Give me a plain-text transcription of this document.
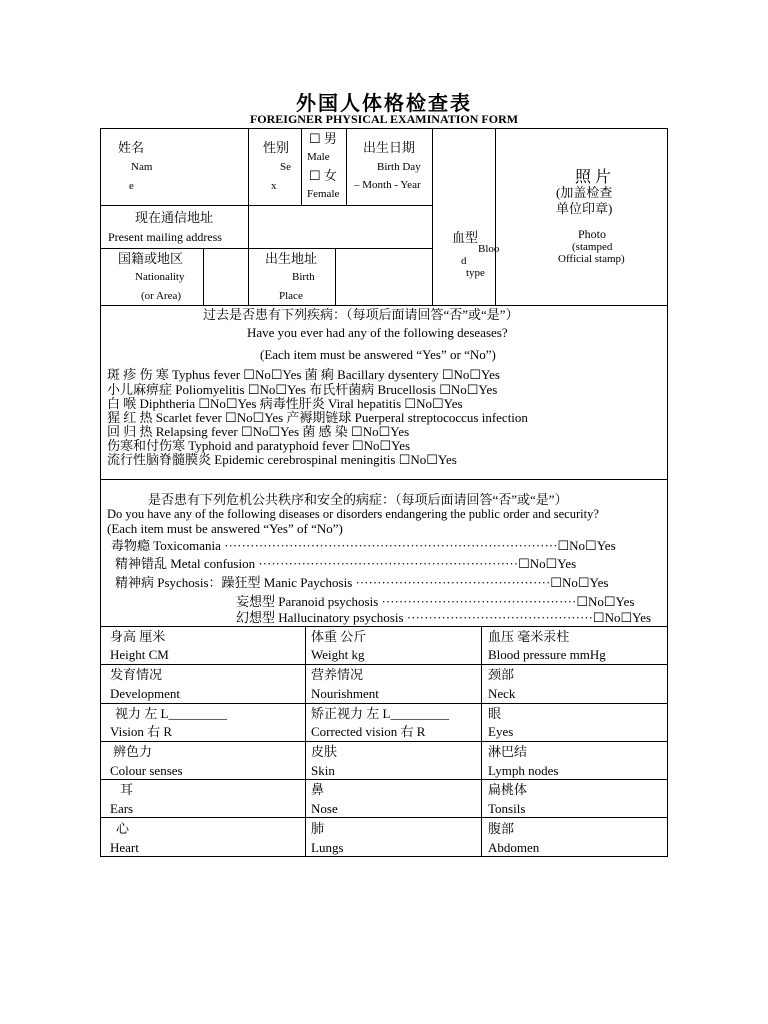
外国人体格检查表
FOREIGNER PHYSICAL EXAMINATION FORM
姓名
Nam
e
性别
Se
x
☐ 男
Male
☐ 女
Female
出生日期
Birth Day
– Month - Year	照 片
(加盖检查
单位印章)
Photo
(stamped
Official stamp)
现在通信地址
Present mailing address	血型
Bloo
d
type
国籍或地区
Nationality
(or Area)
出生地址
Birth
Place
过去是否患有下列疾病：（每项后面请回答“否”或“是”）
Have you ever had any of the following deseases?
(Each item must be answered “Yes” or “No”)
斑 疹 伤 寒 Typhus fever ☐No☐Yes 菌 痢 Bacillary dysentery ☐No☐Yes
小儿麻痹症 Poliomyelitis ☐No☐Yes 布氏杆菌病 Brucellosis ☐No☐Yes
白 喉 Diphtheria ☐No☐Yes 病毒性肝炎 Viral hepatitis ☐No☐Yes
猩 红 热 Scarlet fever ☐No☐Yes 产褥期链球 Puerperal streptococcus infection
回 归 热 Relapsing fever ☐No☐Yes 菌 感 染 ☐No☐Yes
伤寒和付伤寒 Typhoid and paratyphoid fever ☐No☐Yes
流行性脑脊髓膜炎 Epidemic cerebrospinal meningitis ☐No☐Yes
是否患有下列危机公共秩序和安全的病症：（每项后面请回答“否”或“是”）
Do you have any of the following diseases or disorders endangering the public order and security?
(Each item must be answered “Yes” of “No”)
毒物瘾 Toxicomania ·············································································☐No☐Yes
精神错乱 Metal confusion ····························································☐No☐Yes
精神病 Psychosis：躁狂型 Manic Paychosis ·············································☐No☐Yes
妄想型 Paranoid psychosis ·············································☐No☐Yes
幻想型 Hallucinatory psychosis ···········································☐No☐Yes
身高 厘米
Height CM
体重 公斤
Weight kg
血压 毫米汞柱
Blood pressure mmHg
发育情况
Development
营养情况
Nourishment
颈部
Neck
视力 左 L_________
Vision 右 R
矫正视力 左 L_________
Corrected vision 右 R
眼
Eyes
辨色力
Colour senses
皮肤
Skin
淋巴结
Lymph nodes
耳
Ears
鼻
Nose
扁桃体
Tonsils
心
Heart
肺
Lungs
腹部
Abdomen
